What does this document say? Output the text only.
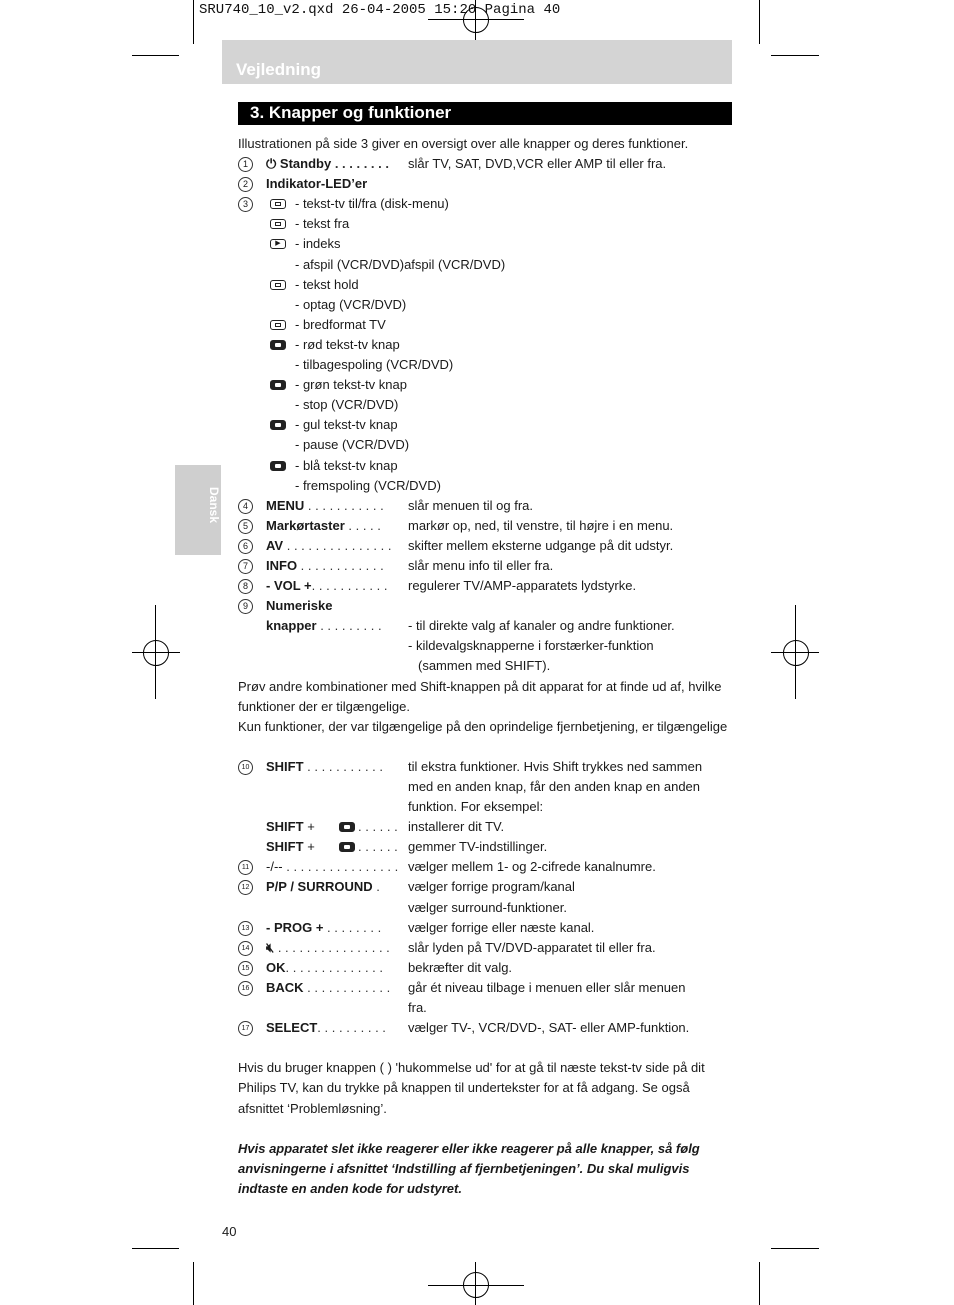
SRU740_10_v2.qxd 26-04-2005 15:20 Pagina 40
Vejledning
3. Knapper og funktioner
Dansk
Illustrationen på side 3 giver en oversigt over alle knapper og deres funktioner.
1	⏻ Standby . . . . . . . . slår TV, SAT, DVD,VCR eller AMP til eller fra.
2	Indikator-LED’er
3	- tekst-tv til/fra (disk-menu)
- tekst fra
▶	- indeks
- afspil (VCR/DVD)afspil (VCR/DVD)
- tekst hold
- optag (VCR/DVD)
- bredformat TV
- rød tekst-tv knap
- tilbagespoling (VCR/DVD)
- grøn tekst-tv knap
- stop (VCR/DVD)
- gul tekst-tv knap
- pause (VCR/DVD)
- blå tekst-tv knap
- fremspoling (VCR/DVD)
4	MENU . . . . . . . . . . . slår menuen til og fra.
5	Markørtaster . . . . . markør op, ned, til venstre, til højre i en menu.
6	AV . . . . . . . . . . . . . . . skifter mellem eksterne udgange på dit udstyr.
7	INFO . . . . . . . . . . . . slår menu info til eller fra.
8	- VOL +. . . . . . . . . . . regulerer TV/AMP-apparatets lydstyrke.
9	Numeriske
knapper . . . . . . . . . - til direkte valg af kanaler og andre funktioner.
- kildevalgsknapperne i forstærker-funktion
(sammen med SHIFT).
Prøv andre kombinationer med Shift-knappen på dit apparat for at finde ud af, hvilke funktioner der er tilgængelige.
Kun funktioner, der var tilgængelige på den oprindelige fjernbetjening, er tilgængelige
10 SHIFT . . . . . . . . . . . til ekstra funktioner. Hvis Shift trykkes ned sammen
med en anden knap, får den anden knap en anden
funktion. For eksempel:
SHIFT +	. . . . . . installerer dit TV.
SHIFT +	. . . . . . gemmer TV-indstillinger.
11 -/-- . . . . . . . . . . . . . . . . vælger mellem 1- og 2-cifrede kanalnumre.
12 P/P / SURROUND . vælger forrige program/kanal
vælger surround-funktioner.
13 - PROG + . . . . . . . . vælger forrige eller næste kanal.
14 🔇︎ . . . . . . . . . . . . . . . . slår lyden på TV/DVD-apparatet til eller fra.
15 OK. . . . . . . . . . . . . . bekræfter dit valg.
16 BACK . . . . . . . . . . . . går ét niveau tilbage i menuen eller slår menuen
fra.
17 SELECT. . . . . . . . . . vælger TV-, VCR/DVD-, SAT- eller AMP-funktion.
Hvis du bruger knappen ( ) 'hukommelse ud' for at gå til næste tekst-tv side på dit Philips TV, kan du trykke på knappen til undertekster for at få adgang. Se også afsnittet ‘Problemløsning’.
Hvis apparatet slet ikke reagerer eller ikke reagerer på alle knapper, så følg anvisningerne i afsnittet ‘Indstilling af fjernbetjeningen’. Du skal muligvis indtaste en anden kode for udstyret.
40
